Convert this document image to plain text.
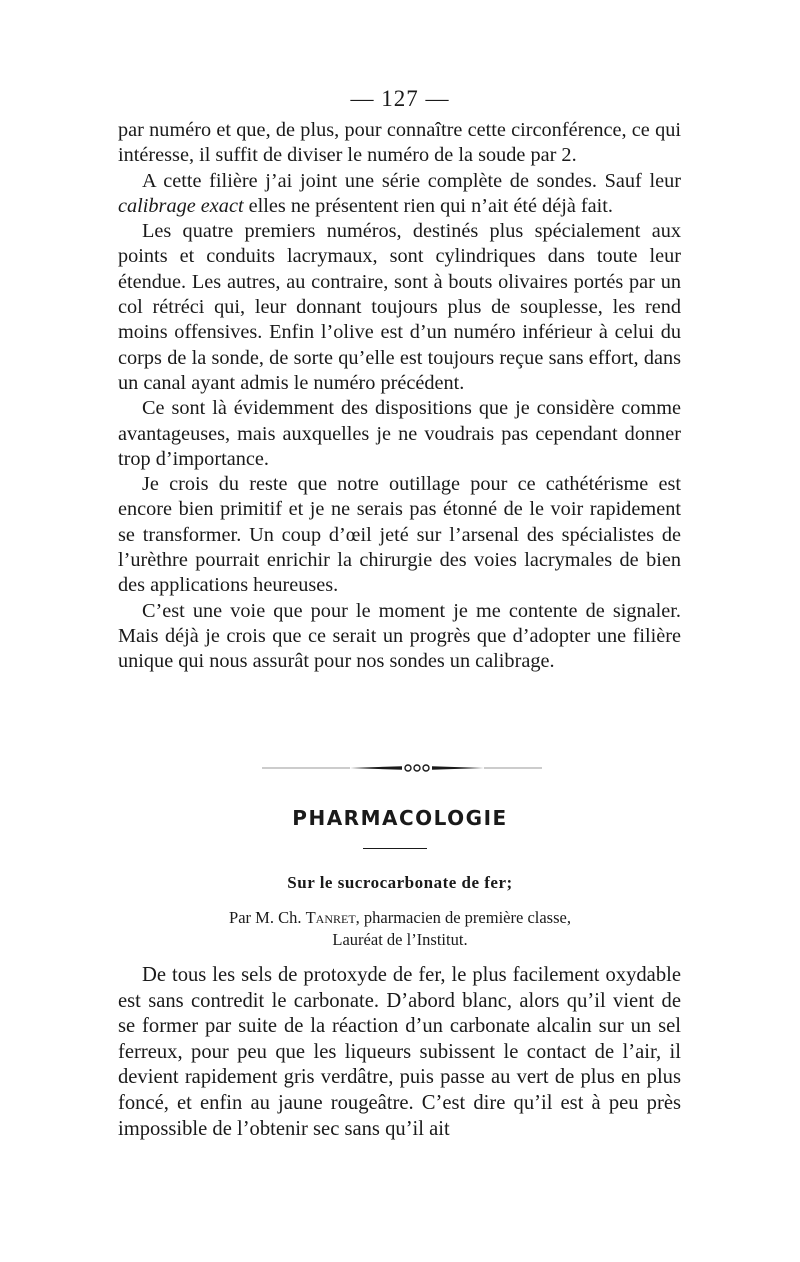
— 127 —

par numéro et que, de plus, pour connaître cette circonférence, ce qui intéresse, il suffit de diviser le numéro de la soude par 2.

A cette filière j’ai joint une série complète de sondes. Sauf leur calibrage exact elles ne présentent rien qui n’ait été déjà fait.

Les quatre premiers numéros, destinés plus spécialement aux points et conduits lacrymaux, sont cylindriques dans toute leur étendue. Les autres, au contraire, sont à bouts olivaires portés par un col rétréci qui, leur donnant toujours plus de souplesse, les rend moins offensives. Enfin l’olive est d’un numéro inférieur à celui du corps de la sonde, de sorte qu’elle est toujours reçue sans effort, dans un canal ayant admis le numéro précédent.

Ce sont là évidemment des dispositions que je considère comme avantageuses, mais auxquelles je ne voudrais pas cependant donner trop d’importance.

Je crois du reste que notre outillage pour ce cathétérisme est encore bien primitif et je ne serais pas étonné de le voir rapidement se transformer. Un coup d’œil jeté sur l’arsenal des spécialistes de l’urèthre pourrait enrichir la chirurgie des voies lacrymales de bien des applications heureuses.

C’est une voie que pour le moment je me contente de signaler. Mais déjà je crois que ce serait un progrès que d’adopter une filière unique qui nous assurât pour nos sondes un calibrage.

PHARMACOLOGIE
Sur le sucrocarbonate de fer;
Par M. Ch. Tanret, pharmacien de première classe,
Lauréat de l’Institut.

De tous les sels de protoxyde de fer, le plus facilement oxydable est sans contredit le carbonate. D’abord blanc, alors qu’il vient de se former par suite de la réaction d’un carbonate alcalin sur un sel ferreux, pour peu que les liqueurs subissent le contact de l’air, il devient rapidement gris verdâtre, puis passe au vert de plus en plus foncé, et enfin au jaune rougeâtre. C’est dire qu’il est à peu près impossible de l’obtenir sec sans qu’il ait
